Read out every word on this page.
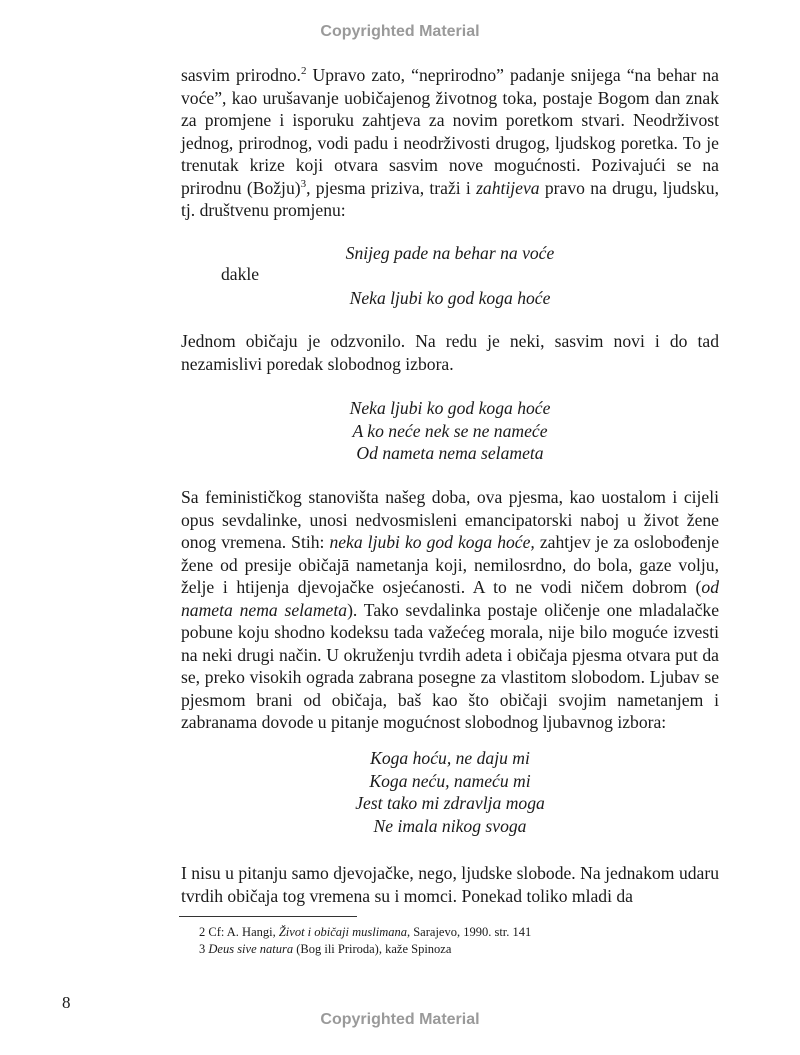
Copyrighted Material
sasvim prirodno.$^2$ Upravo zato, “neprirodno” padanje snijega “na behar na voće”, kao urušavanje uobičajenog životnog toka, postaje Bogom dan znak za promjene i isporuku zahtjeva za novim poretkom stvari. Neodrživost jednog, prirodnog, vodi padu i neodrživosti drugog, ljudskog poretka. To je trenutak krize koji otvara sasvim nove mogućnosti. Pozivajući se na prirodnu (Božju)$^3$, pjesma priziva, traži i zahtijeva pravo na drugu, ljudsku, tj. društvenu promjenu:
Snijeg pade na behar na voće
dakle
Neka ljubi ko god koga hoće
Jednom običaju je odzvonilo. Na redu je neki, sasvim novi i do tad nezamislivi poredak slobodnog izbora.
Neka ljubi ko god koga hoće
A ko neće nek se ne nameće
Od nameta nema selameta
Sa feminističkog stanovišta našeg doba, ova pjesma, kao uostalom i cijeli opus sevdalinke, unosi nedvosmisleni emancipatorski naboj u život žene onog vremena. Stih: neka ljubi ko god koga hoće, zahtjev je za oslobođenje žene od presije običajā nametanja koji, nemilosrdno, do bola, gaze volju, želje i htijenja djevojačke osjećanosti. A to ne vodi ničem dobrom (od nameta nema selameta). Tako sevdalinka postaje oličenje one mladalačke pobune koju shodno kodeksu tada važećeg morala, nije bilo moguće izvesti na neki drugi način. U okruženju tvrdih adeta i običaja pjesma otvara put da se, preko visokih ograda zabrana posegne za vlastitom slobodom. Ljubav se pjesmom brani od običaja, baš kao što običaji svojim nametanjem i zabranama dovode u pitanje mogućnost slobodnog ljubavnog izbora:
Koga hoću, ne daju mi
Koga neću, nameću mi
Jest tako mi zdravlja moga
Ne imala nikog svoga
I nisu u pitanju samo djevojačke, nego, ljudske slobode. Na jednakom udaru tvrdih običaja tog vremena su i momci. Ponekad toliko mladi da
2 Cf: A. Hangi, Život i običaji muslimana, Sarajevo, 1990. str. 141
3 Deus sive natura (Bog ili Priroda), kaže Spinoza
8
Copyrighted Material
